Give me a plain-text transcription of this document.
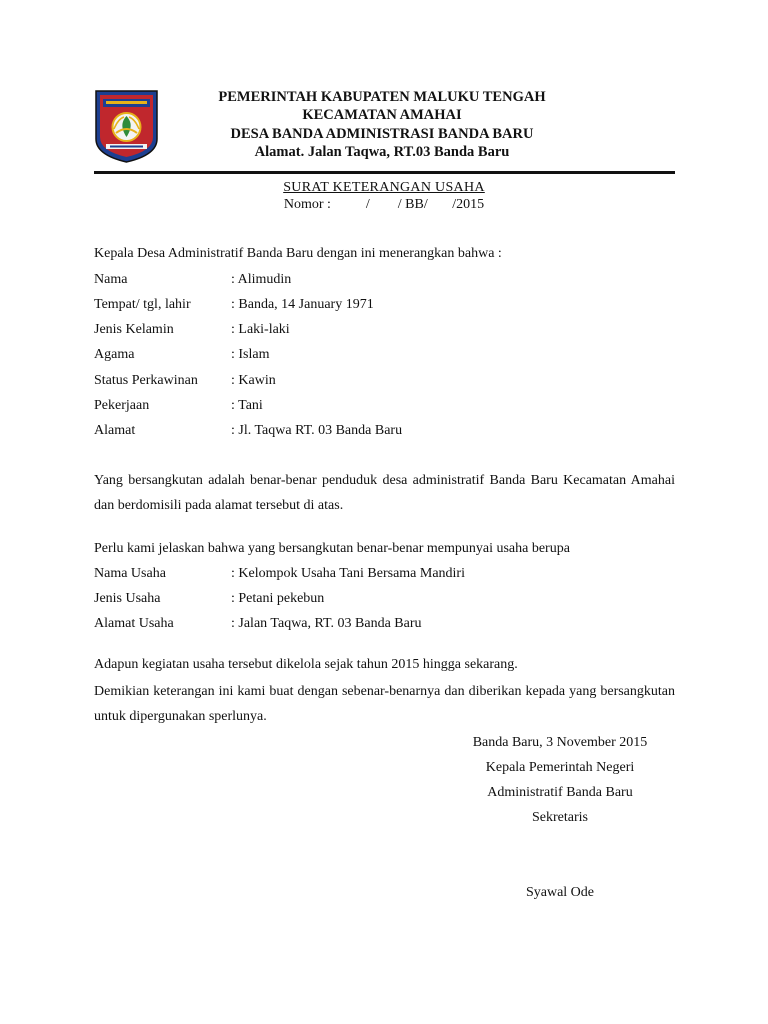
PEMERINTAH KABUPATEN MALUKU TENGAH
KECAMATAN AMAHAI
DESA BANDA ADMINISTRASI BANDA BARU
Alamat. Jalan Taqwa, RT.03 Banda Baru
SURAT KETERANGAN USAHA
Nomor :          /        / BB/       /2015
Kepala Desa Administratif Banda Baru dengan ini menerangkan bahwa :
Nama	: Alimudin
Tempat/ tgl, lahir	: Banda, 14 January 1971
Jenis Kelamin	: Laki-laki
Agama	: Islam
Status Perkawinan : Kawin
Pekerjaan	: Tani
Alamat	: Jl. Taqwa RT. 03 Banda Baru
Yang bersangkutan adalah benar-benar penduduk desa administratif Banda Baru Kecamatan Amahai dan berdomisili pada alamat tersebut di atas.
Perlu kami jelaskan bahwa yang bersangkutan benar-benar mempunyai usaha berupa
Nama Usaha	: Kelompok Usaha Tani Bersama Mandiri
Jenis Usaha	: Petani pekebun
Alamat Usaha	: Jalan Taqwa, RT. 03 Banda Baru
Adapun kegiatan usaha tersebut dikelola sejak tahun 2015 hingga sekarang.
Demikian keterangan ini kami buat dengan sebenar-benarnya dan diberikan kepada yang bersangkutan untuk dipergunakan sperlunya.
Banda Baru, 3 November 2015
Kepala Pemerintah Negeri
Administratif Banda Baru
Sekretaris
Syawal Ode
